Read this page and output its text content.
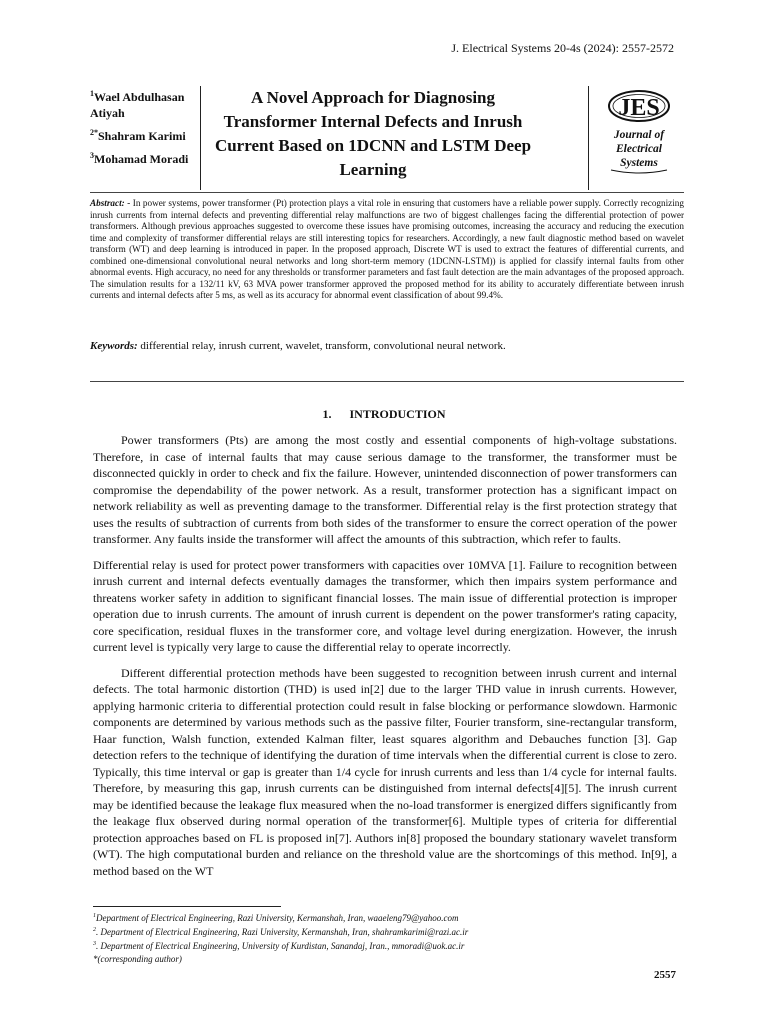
J. Electrical Systems 20-4s (2024): 2557-2572
$^1$Wael Abdulhasan Atiyah
$^{2*}$Shahram Karimi
$^3$Mohamad Moradi
A Novel Approach for Diagnosing Transformer Internal Defects and Inrush Current Based on 1DCNN and LSTM Deep Learning
JES
Journal of
Electrical
Systems
Abstract: - In power systems, power transformer (Pt) protection plays a vital role in ensuring that customers have a reliable power supply. Correctly recognizing inrush currents from internal defects and preventing differential relay malfunctions are two of biggest challenges facing the differential protection of power transformers. Although previous approaches suggested to overcome these issues have promising outcomes, increasing the accuracy and reducing the execution time and complexity of transformer differential relays are still interesting topics for researchers. Accordingly, a new fault diagnostic method based on wavelet transform (WT) and deep learning is introduced in paper. In the proposed approach, Discrete WT is used to extract the features of differential currents, and combined one-dimensional convolutional neural networks and long short-term memory (1DCNN-LSTM)) is applied for classify internal faults from other abnormal events. High accuracy, no need for any thresholds or transformer parameters and fast fault detection are the main advantages of the proposed approach. The simulation results for a 132/11 kV, 63 MVA power transformer approved the proposed method for its ability to accurately differentiate between inrush currents and internal defects after 5 ms, as well as its accuracy for abnormal event classification of about 99.4%.
Keywords: differential relay, inrush current, wavelet, transform, convolutional neural network.
1. INTRODUCTION

Power transformers (Pts) are among the most costly and essential components of high-voltage substations. Therefore, in case of internal faults that may cause serious damage to the transformer, the transformer must be disconnected quickly in order to check and fix the failure. However, unintended disconnection of power transformers can compromise the dependability of the power network. As a result, transformer protection has a significant impact on network reliability as well as preventing damage to the transformer. Differential relay is the first protection strategy that uses the results of subtraction of currents from both sides of the transformer to ensure the correct operation of the power transformer. Any faults inside the transformer will affect the amounts of this subtraction, which refer to faults.

Differential relay is used for protect power transformers with capacities over 10MVA [1]. Failure to recognition between inrush current and internal defects eventually damages the transformer, which then impairs system performance and threatens worker safety in addition to significant financial losses. The main issue of differential protection is improper operation due to inrush currents. The amount of inrush current is dependent on the power transformer's rating capacity, core specification, residual fluxes in the transformer core, and voltage level during energization. However, the inrush current level is typically very large to cause the differential relay to operate incorrectly.

Different differential protection methods have been suggested to recognition between inrush current and internal defects. The total harmonic distortion (THD) is used in[2] due to the larger THD value in inrush currents. However, applying harmonic criteria to differential protection could result in false blocking or performance slowdown. Harmonic components are determined by various methods such as the passive filter, Fourier transform, sine-rectangular transform, Haar function, Walsh function, extended Kalman filter, least squares algorithm and Debauches function [3]. Gap detection refers to the technique of identifying the duration of time intervals when the differential current is close to zero. Typically, this time interval or gap is greater than 1/4 cycle for inrush currents and less than 1/4 cycle for internal faults. Therefore, by measuring this gap, inrush currents can be distinguished from internal defects[4][5]. The inrush current may be identified because the leakage flux measured when the no-load transformer is energized differs significantly from the leakage flux observed during normal operation of the transformer[6]. Multiple types of criteria for differential protection approaches based on FL is proposed in[7]. Authors in[8] proposed the boundary stationary wavelet transform (WT). The high computational burden and reliance on the threshold value are the shortcomings of this method. In[9], a method based on the WT

$^1$Department of Electrical Engineering, Razi University, Kermanshah, Iran, waaeleng79@yahoo.com
$^2$. Department of Electrical Engineering, Razi University, Kermanshah, Iran, shahramkarimi@razi.ac.ir
$^3$. Department of Electrical Engineering, University of Kurdistan, Sanandaj, Iran., mmoradi@uok.ac.ir
*(corresponding author)
2557
